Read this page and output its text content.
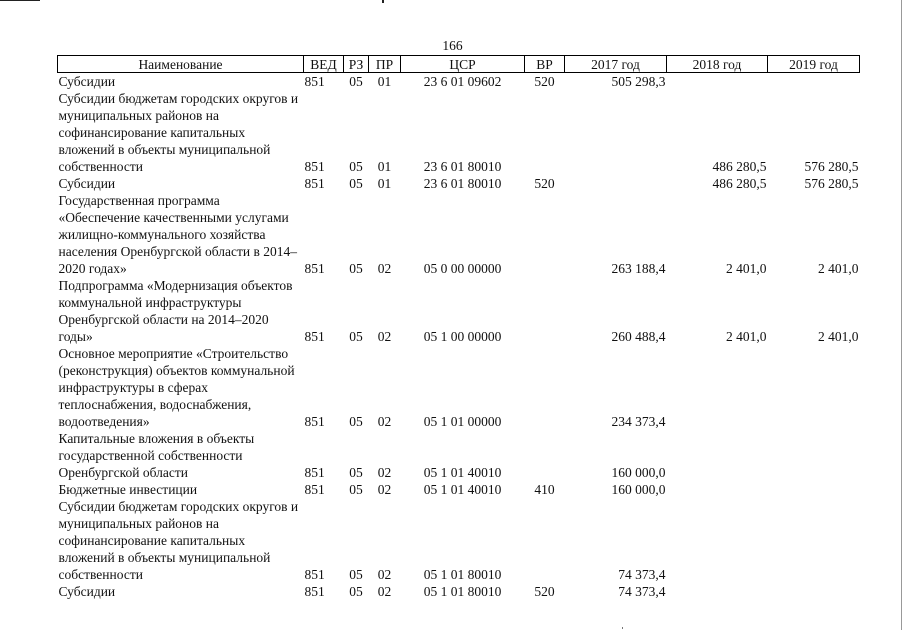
166
Наименование	ВЕД	РЗ	ПР	ЦСР	ВР	2017 год	2018 год	2019 год
Субсидии	851	05	01	23 6 01 09602	520	505 298,3		
Субсидии бюджетам городских округов и муниципальных районов на софинансирование капитальных вложений в объекты муниципальной собственности	851	05	01	23 6 01 80010			486 280,5	576 280,5
Субсидии	851	05	01	23 6 01 80010	520		486 280,5	576 280,5
Государственная программа «Обеспечение качественными услугами жилищно-коммунального хозяйства населения Оренбургской области в 2014–2020 годах»	851	05	02	05 0 00 00000		263 188,4	2 401,0	2 401,0
Подпрограмма «Модернизация объектов коммунальной инфраструктуры Оренбургской области на 2014–2020 годы»	851	05	02	05 1 00 00000		260 488,4	2 401,0	2 401,0
Основное мероприятие «Строительство (реконструкция) объектов коммунальной инфраструктуры в сферах теплоснабжения, водоснабжения, водоотведения»	851	05	02	05 1 01 00000		234 373,4		
Капитальные вложения в объекты государственной собственности Оренбургской области	851	05	02	05 1 01 40010		160 000,0		
Бюджетные инвестиции	851	05	02	05 1 01 40010	410	160 000,0		
Субсидии бюджетам городских округов и муниципальных районов на софинансирование капитальных вложений в объекты муниципальной собственности	851	05	02	05 1 01 80010		74 373,4		
Субсидии	851	05	02	05 1 01 80010	520	74 373,4		
